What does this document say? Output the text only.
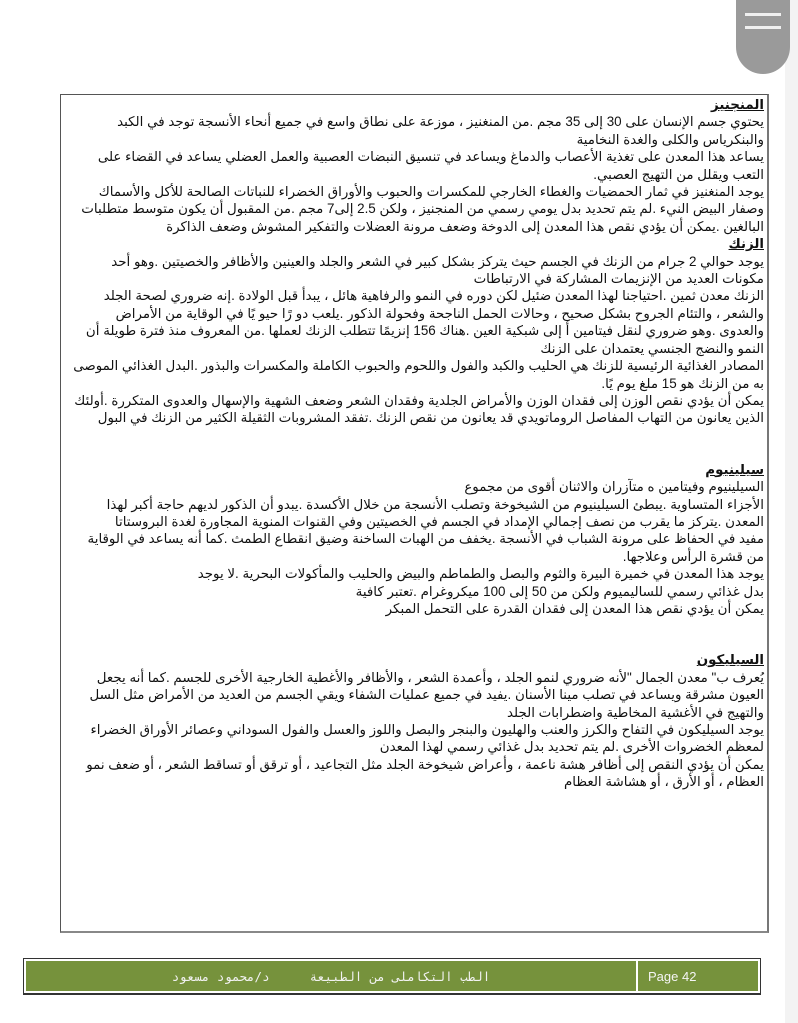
المنجنيز

يحتوي جسم الإنسان على 30 إلى 35 مجم .من المنغنيز ، موزعة على نطاق واسع في جميع أنحاء الأنسجة توجد في الكبد والبنكرياس والكلى والغدة النخامية

يساعد هذا المعدن على تغذية الأعصاب والدماغ ويساعد في تنسيق النبضات العصبية والعمل العضلي يساعد في القضاء على التعب ويقلل من التهيج العصبي.

يوجد المنغنيز في ثمار الحمضيات والغطاء الخارجي للمكسرات والحبوب والأوراق الخضراء للنباتات الصالحة للأكل والأسماك وصفار البيض النيء .لم يتم تحديد بدل يومي رسمي من المنجنيز ، ولكن 2.5 إلى7 مجم .من المقبول أن يكون متوسط متطلبات البالغين .يمكن أن يؤدي نقص هذا المعدن إلى الدوخة وضعف مرونة العضلات والتفكير المشوش وضعف الذاكرة

الزنك

يوجد حوالي 2 جرام من الزنك في الجسم حيث يتركز بشكل كبير في الشعر والجلد والعينين والأظافر والخصيتين .وهو أحد مكونات العديد من الإنزيمات المشاركة في الارتباطات

الزنك معدن ثمين .احتياجنا لهذا المعدن ضئيل لكن دوره في النمو والرفاهية هائل ، يبدأ قبل الولادة .إنه ضروري لصحة الجلد والشعر ، والتئام الجروح بشكل صحيح ، وحالات الحمل الناجحة وفحولة الذكور .يلعب دو رًا حيو يًا في الوقاية من الأمراض والعدوى .وهو ضروري لنقل فيتامين أ إلى شبكية العين .هناك 156 إنزيمًا تتطلب الزنك لعملها .من المعروف منذ فترة طويلة أن النمو والنضج الجنسي يعتمدان على الزنك

المصادر الغذائية الرئيسية للزنك هي الحليب والكبد والفول واللحوم والحبوب الكاملة والمكسرات والبذور .البدل الغذائي الموصى به من الزنك هو 15 ملغ يوم يًا.

يمكن أن يؤدي نقص الوزن إلى فقدان الوزن والأمراض الجلدية وفقدان الشعر وضعف الشهية والإسهال والعدوى المتكررة .أولئك الذين يعانون من التهاب المفاصل الروماتويدي قد يعانون من نقص الزنك .تفقد المشروبات الثقيلة الكثير من الزنك في البول

سيلينيوم

السيلينيوم وفيتامين ه متآزران والاثنان أقوى من مجموع

الأجزاء المتساوية .يبطئ السيلينيوم من الشيخوخة وتصلب الأنسجة من خلال الأكسدة .يبدو أن الذكور لديهم حاجة أكبر لهذا المعدن .يتركز ما يقرب من نصف إجمالي الإمداد في الجسم في الخصيتين وفي القنوات المنوية المجاورة لغدة البروستاتا

مفيد في الحفاظ على مرونة الشباب في الأنسجة .يخفف من الهبات الساخنة وضيق انقطاع الطمث .كما أنه يساعد في الوقاية من قشرة الرأس وعلاجها.

يوجد هذا المعدن في خميرة البيرة والثوم والبصل والطماطم والبيض والحليب والمأكولات البحرية .لا يوجد

بدل غذائي رسمي للساليميوم ولكن من 50 إلى 100 ميكروغرام .تعتبر كافية

يمكن أن يؤدي نقص هذا المعدن إلى فقدان القدرة على التحمل المبكر

السيليكون

يُعرف ب" معدن الجمال "لأنه ضروري لنمو الجلد ، وأعمدة الشعر ، والأظافر والأغطية الخارجية الأخرى للجسم .كما أنه يجعل العيون مشرقة ويساعد في تصلب مينا الأسنان .يفيد في جميع عمليات الشفاء ويقي الجسم من العديد من الأمراض مثل السل والتهيج في الأغشية المخاطية واضطرابات الجلد

يوجد السيليكون في التفاح والكرز والعنب والهليون والبنجر والبصل واللوز والعسل والفول السوداني وعصائر الأوراق الخضراء لمعظم الخضروات الأخرى .لم يتم تحديد بدل غذائي رسمي لهذا المعدن

يمكن أن يؤدي النقص إلى أظافر هشة ناعمة ، وأعراض شيخوخة الجلد مثل التجاعيد ، أو ترقق أو تساقط الشعر ، أو ضعف نمو العظام ، أو الأرق ، أو هشاشة العظام

الطب التكاملى من الطبيعة
د/محمود مسعود	Page 42
